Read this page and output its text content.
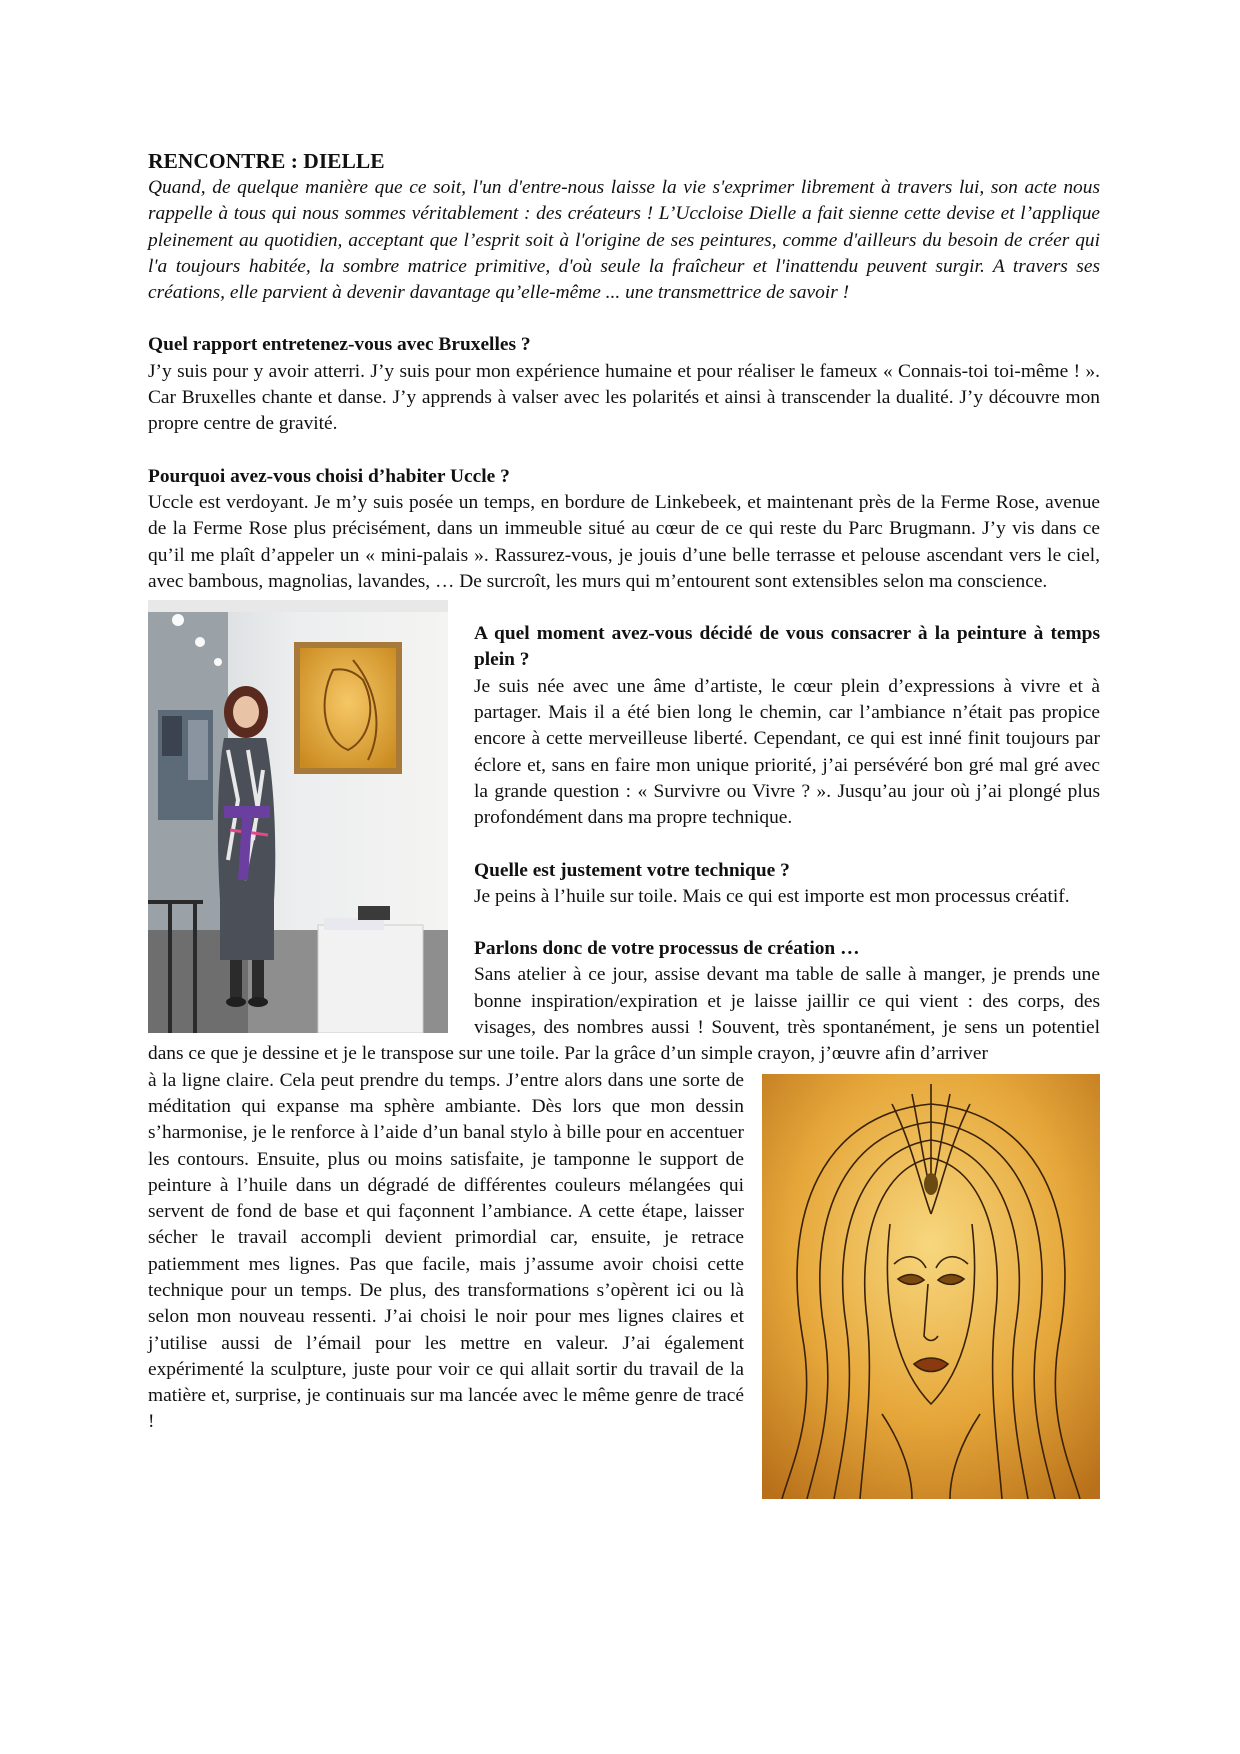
RENCONTRE : DIELLE

Quand, de quelque manière que ce soit, l'un d'entre-nous laisse la vie s'exprimer librement à travers lui, son acte nous rappelle à tous qui nous sommes véritablement : des créateurs ! L’Uccloise Dielle a fait sienne cette devise et l’applique pleinement au quotidien, acceptant que l’esprit soit à l'origine de ses peintures, comme d'ailleurs du besoin de créer qui l'a toujours habitée, la sombre matrice primitive, d'où seule la fraîcheur et l'inattendu peuvent surgir. A travers ses créations, elle parvient à devenir davantage qu’elle-même ... une transmettrice de savoir !

Quel rapport entretenez-vous avec Bruxelles ?

J’y suis pour y avoir atterri. J’y suis pour mon expérience humaine et pour réaliser le fameux « Connais-toi toi-même ! ». Car Bruxelles chante et danse. J’y apprends à valser avec les polarités et ainsi à transcender la dualité. J’y découvre mon propre centre de gravité.

Pourquoi avez-vous choisi d’habiter Uccle ?

Uccle est verdoyant. Je m’y suis posée un temps, en bordure de Linkebeek, et maintenant près de la Ferme Rose, avenue de la Ferme Rose plus précisément, dans un immeuble situé au cœur de ce qui reste du Parc Brugmann. J’y vis dans ce qu’il me plaît d’appeler un « mini-palais ». Rassurez-vous, je jouis d’une belle terrasse et pelouse ascendant vers le ciel, avec bambous, magnolias, lavandes, … De surcroît, les murs qui m’entourent sont extensibles selon ma conscience.

A quel moment avez-vous décidé de vous consacrer à la peinture à temps plein ?

Je suis née avec une âme d’artiste, le cœur plein d’expressions à vivre et à partager. Mais il a été bien long le chemin, car l’ambiance n’était pas propice encore à cette merveilleuse liberté. Cependant, ce qui est inné finit toujours par éclore et, sans en faire mon unique priorité, j’ai persévéré bon gré mal gré avec la grande question : « Survivre ou Vivre ? ». Jusqu’au jour où j’ai plongé plus profondément dans ma propre technique.

Quelle est justement votre technique ?

Je peins à l’huile sur toile. Mais ce qui est importe est mon processus créatif.

Parlons donc de votre processus de création …

Sans atelier à ce jour, assise devant ma table de salle à manger, je prends une bonne inspiration/expiration et je laisse jaillir ce qui vient : des corps, des visages, des nombres aussi ! Souvent, très spontanément, je sens un potentiel dans ce que je dessine et je le transpose sur une toile. Par la grâce d’un simple crayon, j’œuvre afin d’arriver

à la ligne claire. Cela peut prendre du temps. J’entre alors dans une sorte de méditation qui expanse ma sphère ambiante. Dès lors que mon dessin s’harmonise, je le renforce à l’aide d’un banal stylo à bille pour en accentuer les contours. Ensuite, plus ou moins satisfaite, je tamponne le support de peinture à l’huile dans un dégradé de différentes couleurs mélangées qui servent de fond de base et qui façonnent l’ambiance. A cette étape, laisser sécher le travail accompli devient primordial car, ensuite, je retrace patiemment mes lignes. Pas que facile, mais j’assume avoir choisi cette technique pour un temps. De plus, des transformations s’opèrent ici ou là selon mon nouveau ressenti. J’ai choisi le noir pour mes lignes claires et j’utilise aussi de l’émail pour les mettre en valeur. J’ai également expérimenté la sculpture, juste pour voir ce qui allait sortir du travail de la matière et, surprise, je continuais sur ma lancée avec le même genre de tracé !
